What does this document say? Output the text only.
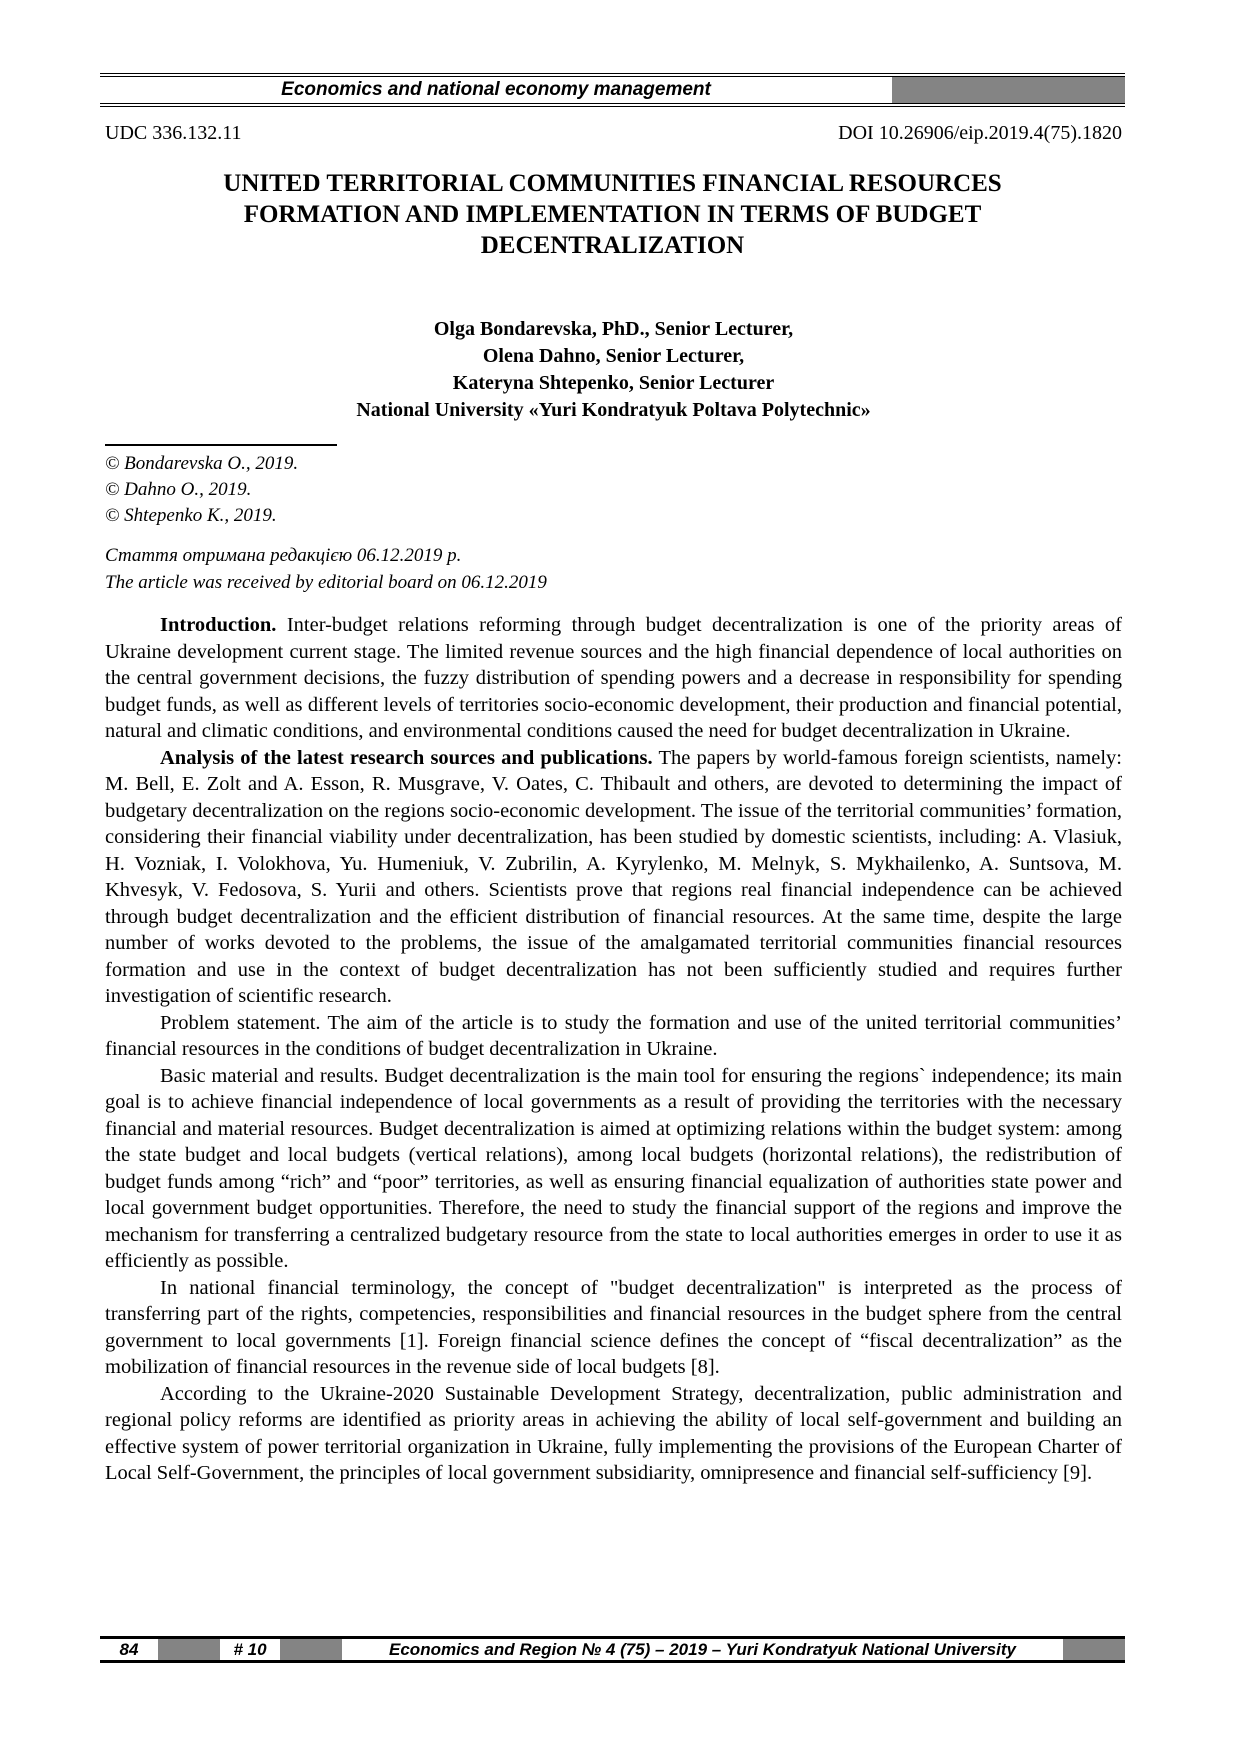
Economics and national economy management
UDC 336.132.11	DOI 10.26906/eip.2019.4(75).1820
UNITED TERRITORIAL COMMUNITIES FINANCIAL RESOURCES FORMATION AND IMPLEMENTATION IN TERMS OF BUDGET DECENTRALIZATION
Olga Bondarevska, PhD., Senior Lecturer,
Olena Dahno, Senior Lecturer,
Kateryna Shtepenko, Senior Lecturer
National University «Yuri Kondratyuk Poltava Polytechnic»
© Bondarevska O., 2019.
© Dahno O., 2019.
© Shtepenko K., 2019.
Стаття отримана редакцією 06.12.2019 р.
The article was received by editorial board on 06.12.2019

Introduction. Inter-budget relations reforming through budget decentralization is one of the priority areas of Ukraine development current stage. The limited revenue sources and the high financial dependence of local authorities on the central government decisions, the fuzzy distribution of spending powers and a decrease in responsibility for spending budget funds, as well as different levels of territories socio-economic development, their production and financial potential, natural and climatic conditions, and environmental conditions caused the need for budget decentralization in Ukraine.

Analysis of the latest research sources and publications. The papers by world-famous foreign scientists, namely: M. Bell, E. Zolt and A. Esson, R. Musgrave, V. Oates, C. Thibault and others, are devoted to determining the impact of budgetary decentralization on the regions socio-economic development. The issue of the territorial communities’ formation, considering their financial viability under decentralization, has been studied by domestic scientists, including: A. Vlasiuk, H. Vozniak, I. Volokhova, Yu. Humeniuk, V. Zubrilin, A. Kyrylenko, M. Melnyk, S. Mykhailenko, A. Suntsova, M. Khvesyk, V. Fedosova, S. Yurii and others. Scientists prove that regions real financial independence can be achieved through budget decentralization and the efficient distribution of financial resources. At the same time, despite the large number of works devoted to the problems, the issue of the amalgamated territorial communities financial resources formation and use in the context of budget decentralization has not been sufficiently studied and requires further investigation of scientific research.

Problem statement. The aim of the article is to study the formation and use of the united territorial communities’ financial resources in the conditions of budget decentralization in Ukraine.

Basic material and results. Budget decentralization is the main tool for ensuring the regions` independence; its main goal is to achieve financial independence of local governments as a result of providing the territories with the necessary financial and material resources. Budget decentralization is aimed at optimizing relations within the budget system: among the state budget and local budgets (vertical relations), among local budgets (horizontal relations), the redistribution of budget funds among “rich” and “poor” territories, as well as ensuring financial equalization of authorities state power and local government budget opportunities. Therefore, the need to study the financial support of the regions and improve the mechanism for transferring a centralized budgetary resource from the state to local authorities emerges in order to use it as efficiently as possible.

In national financial terminology, the concept of "budget decentralization" is interpreted as the process of transferring part of the rights, competencies, responsibilities and financial resources in the budget sphere from the central government to local governments [1]. Foreign financial science defines the concept of “fiscal decentralization” as the mobilization of financial resources in the revenue side of local budgets [8].

According to the Ukraine-2020 Sustainable Development Strategy, decentralization, public administration and regional policy reforms are identified as priority areas in achieving the ability of local self-government and building an effective system of power territorial organization in Ukraine, fully implementing the provisions of the European Charter of Local Self-Government, the principles of local government subsidiarity, omnipresence and financial self-sufficiency [9].

84	# 10	Economics and Region № 4 (75) – 2019 – Yuri Kondratyuk National University
